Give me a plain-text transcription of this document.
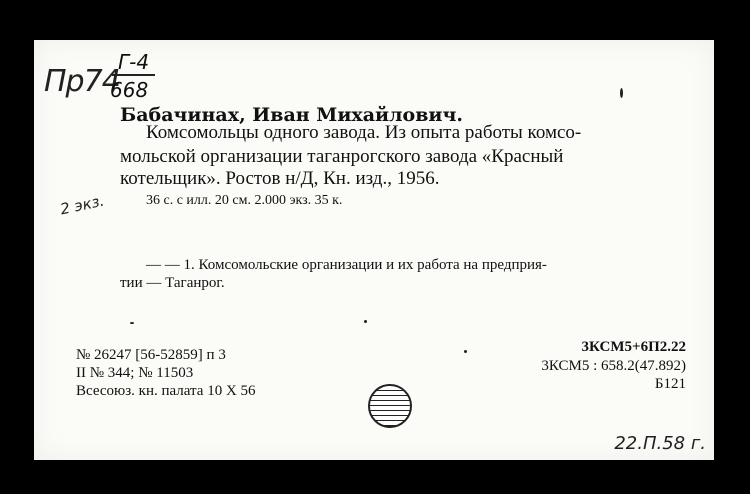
Пр74
Г-4
668
Бабачинах, Иван Михайлович.
Комсомольцы одного завода. Из опыта работы комсо-
мольской организации таганрогского завода «Красный
котельщик». Ростов н/Д, Кн. изд., 1956.
2 экз.	36 с. с илл. 20 см. 2.000 экз. 35 к.
— — 1. Комсомольские организации и их работа на предприя-
тии — Таганрог.
№ 26247 [56-52859] п 3
II № 344; № 11503
Всесоюз. кн. палата 10 X 56
3КСМ5+6П2.22
3КСМ5 : 658.2(47.892)
Б121
22.П.58 г.
